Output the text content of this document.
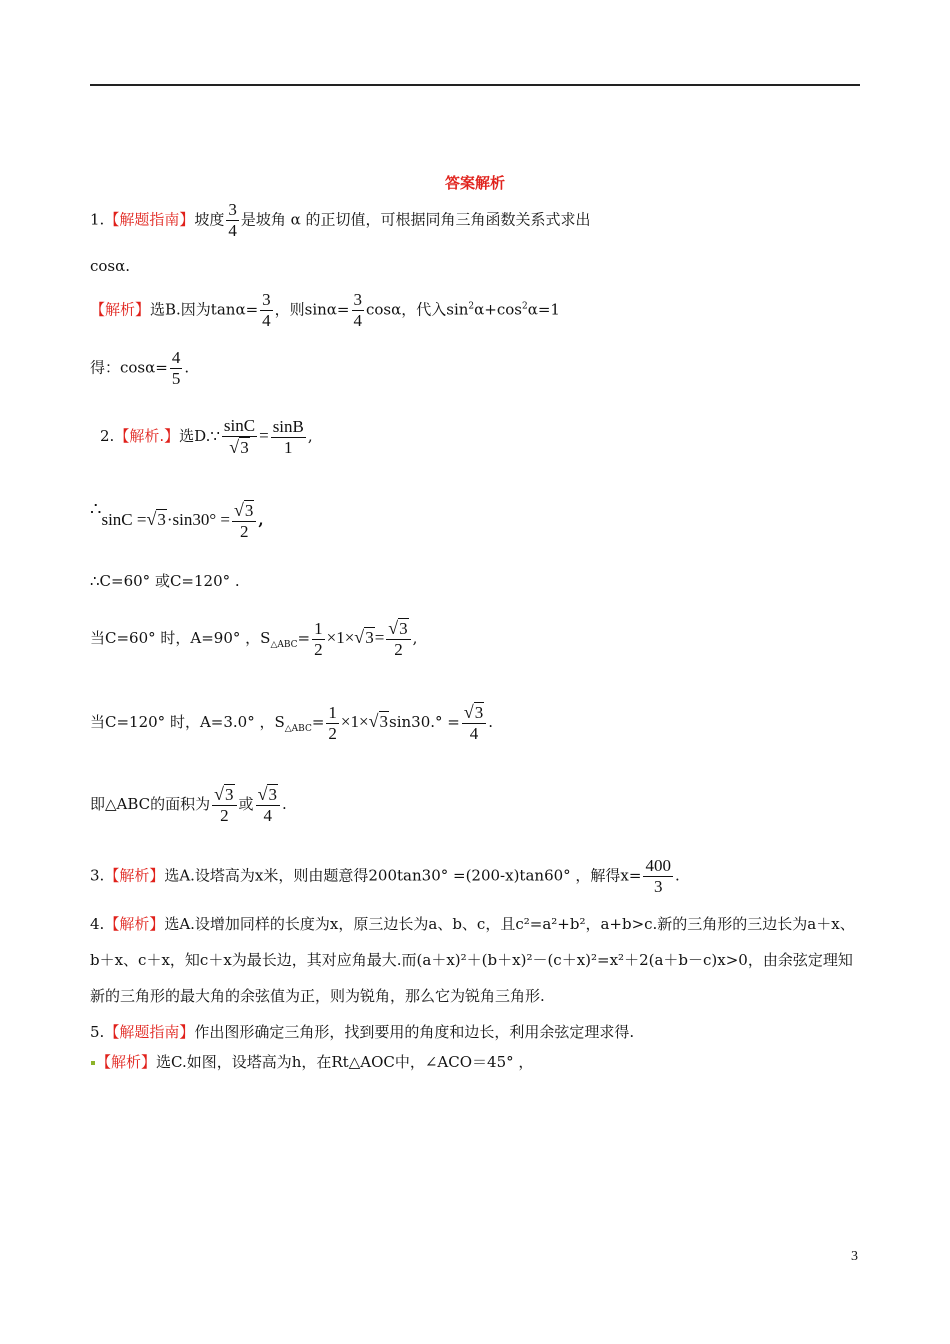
答案解析
1.【解题指南】坡度 $\frac{3}{4}$ 是坡角 α 的正切值，可根据同角三角函数关系式求出
cosα.
【解析】选B.因为$\tan\alpha= \frac{3}{4}$ ，则$\sin\alpha= \frac{3}{4}$ cosα，代入$\sin^2\alpha+\cos^2\alpha=1$
得：$\cos\alpha= \frac{4}{5}$ .
2.【解析.】选D.∵ $\frac{\sin C}{√3} = \frac{\sin B}{1}$ ,
∴sinC $=√3\cdot\sin 30^\circ = \frac{√3}{2}$ ,
∴C=60° 或C=120° .
当C=60° 时，A=90° ，$S_{\triangle ABC}= \frac{1}{2} \times 1\times√3= \frac{√3}{2}$ ,
当C=120° 时，A=3.0° ，$S_{\triangle ABC}= \frac{1}{2} \times 1\times√3\sin 30.^\circ = \frac{√3}{4}$ .
即△ABC的面积为 $\frac{√3}{2}$ 或 $\frac{√3}{4}$ .
3.【解析】选A.设塔高为x米，则由题意得200tan30° =(200-x)tan60° ，解得$x= \frac{400}{3}$ .
4.【解析】选A.设增加同样的长度为x，原三边长为a、b、c，且c²=a²+b²，a+b>c.新的三角形的三边长为a＋x、b＋x、c＋x，知c＋x为最长边，其对应角最大.而(a＋x)²＋(b＋x)²－(c＋x)²=x²＋2(a＋b－c)x>0，由余弦定理知新的三角形的最大角的余弦值为正，则为锐角，那么它为锐角三角形.
5.【解题指南】作出图形确定三角形，找到要用的角度和边长，利用余弦定理求得.
【解析】选C.如图，设塔高为h，在Rt△AOC中，∠ACO＝45° ，
3
